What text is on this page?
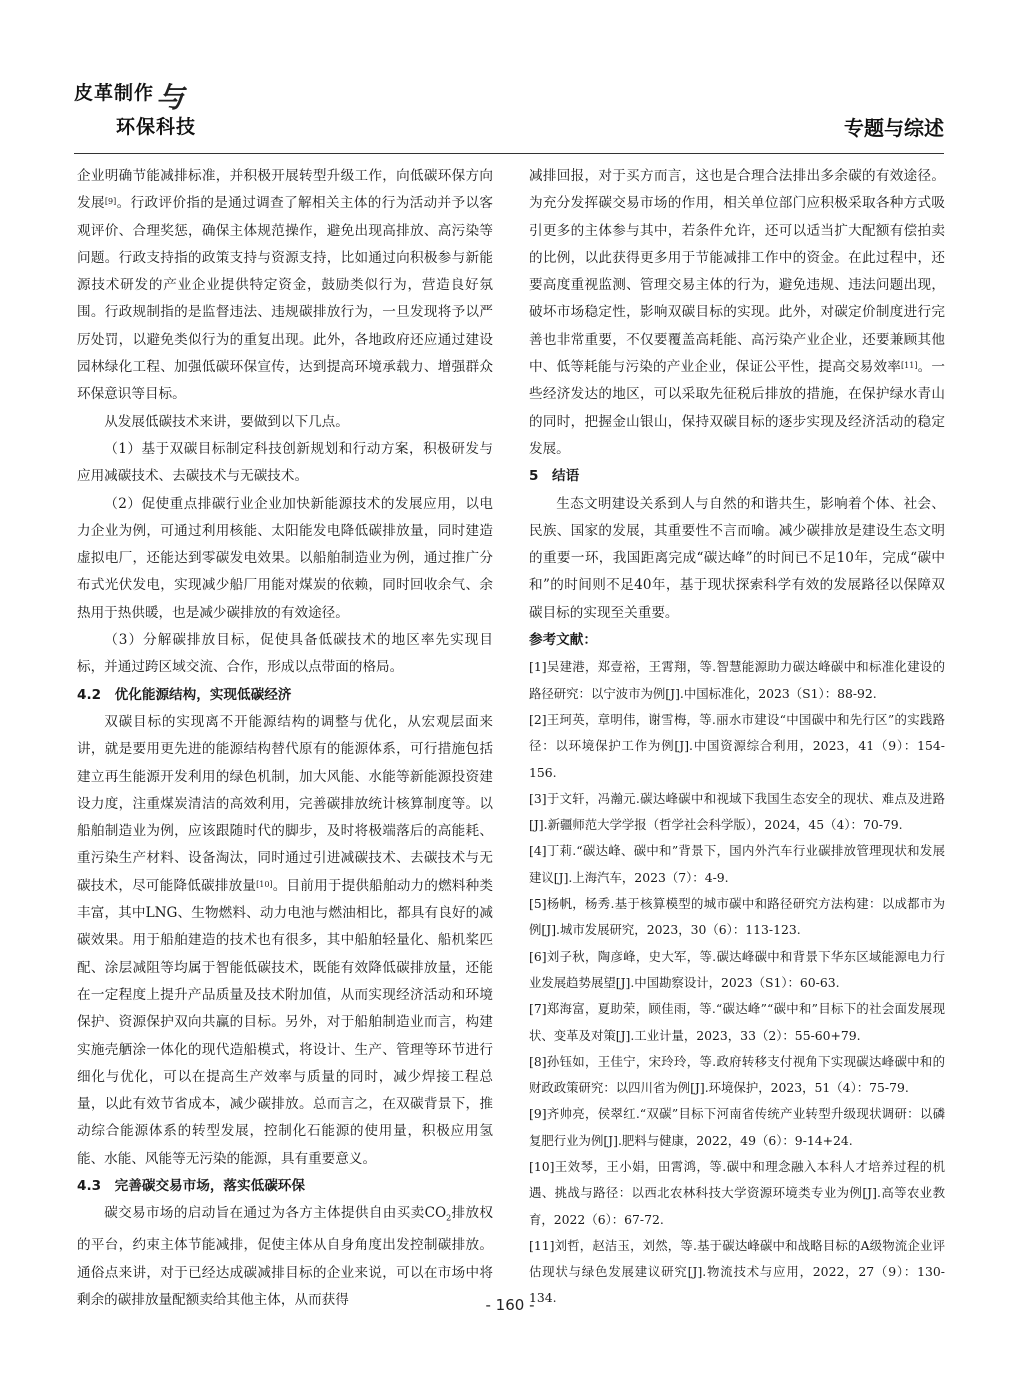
皮革制作 与
环保科技	专题与综述

企业明确节能减排标准，并积极开展转型升级工作，向低碳环保方向发展[9]。行政评价指的是通过调查了解相关主体的行为活动并予以客观评价、合理奖惩，确保主体规范操作，避免出现高排放、高污染等问题。行政支持指的政策支持与资源支持，比如通过向积极参与新能源技术研发的产业企业提供特定资金，鼓励类似行为，营造良好氛围。行政规制指的是监督违法、违规碳排放行为，一旦发现将予以严厉处罚，以避免类似行为的重复出现。此外，各地政府还应通过建设园林绿化工程、加强低碳环保宣传，达到提高环境承载力、增强群众环保意识等目标。

从发展低碳技术来讲，要做到以下几点。

（1）基于双碳目标制定科技创新规划和行动方案，积极研发与应用减碳技术、去碳技术与无碳技术。

（2）促使重点排碳行业企业加快新能源技术的发展应用，以电力企业为例，可通过利用核能、太阳能发电降低碳排放量，同时建造虚拟电厂，还能达到零碳发电效果。以船舶制造业为例，通过推广分布式光伏发电，实现减少船厂用能对煤炭的依赖，同时回收余气、余热用于热供暖，也是减少碳排放的有效途径。

（3）分解碳排放目标，促使具备低碳技术的地区率先实现目标，并通过跨区域交流、合作，形成以点带面的格局。

4.2　优化能源结构，实现低碳经济

双碳目标的实现离不开能源结构的调整与优化，从宏观层面来讲，就是要用更先进的能源结构替代原有的能源体系，可行措施包括建立再生能源开发利用的绿色机制，加大风能、水能等新能源投资建设力度，注重煤炭清洁的高效利用，完善碳排放统计核算制度等。以船舶制造业为例，应该跟随时代的脚步，及时将极端落后的高能耗、重污染生产材料、设备淘汰，同时通过引进减碳技术、去碳技术与无碳技术，尽可能降低碳排放量[10]。目前用于提供船舶动力的燃料种类丰富，其中LNG、生物燃料、动力电池与燃油相比，都具有良好的减碳效果。用于船舶建造的技术也有很多，其中船舶轻量化、船机桨匹配、涂层减阻等均属于智能低碳技术，既能有效降低碳排放量，还能在一定程度上提升产品质量及技术附加值，从而实现经济活动和环境保护、资源保护双向共赢的目标。另外，对于船舶制造业而言，构建实施壳舾涂一体化的现代造船模式，将设计、生产、管理等环节进行细化与优化，可以在提高生产效率与质量的同时，减少焊接工程总量，以此有效节省成本，减少碳排放。总而言之，在双碳背景下，推动综合能源体系的转型发展，控制化石能源的使用量，积极应用氢能、水能、风能等无污染的能源，具有重要意义。

4.3　完善碳交易市场，落实低碳环保

碳交易市场的启动旨在通过为各方主体提供自由买卖$CO_2$排放权的平台，约束主体节能减排，促使主体从自身角度出发控制碳排放。通俗点来讲，对于已经达成碳减排目标的企业来说，可以在市场中将剩余的碳排放量配额卖给其他主体，从而获得

减排回报，对于买方而言，这也是合理合法排出多余碳的有效途径。为充分发挥碳交易市场的作用，相关单位部门应积极采取各种方式吸引更多的主体参与其中，若条件允许，还可以适当扩大配额有偿拍卖的比例，以此获得更多用于节能减排工作中的资金。在此过程中，还要高度重视监测、管理交易主体的行为，避免违规、违法问题出现，破坏市场稳定性，影响双碳目标的实现。此外，对碳定价制度进行完善也非常重要，不仅要覆盖高耗能、高污染产业企业，还要兼顾其他中、低等耗能与污染的产业企业，保证公平性，提高交易效率[11]。一些经济发达的地区，可以采取先征税后排放的措施，在保护绿水青山的同时，把握金山银山，保持双碳目标的逐步实现及经济活动的稳定发展。

5　结语

生态文明建设关系到人与自然的和谐共生，影响着个体、社会、民族、国家的发展，其重要性不言而喻。减少碳排放是建设生态文明的重要一环，我国距离完成“碳达峰”的时间已不足10年，完成“碳中和”的时间则不足40年，基于现状探索科学有效的发展路径以保障双碳目标的实现至关重要。

参考文献：

[1]吴建港，郑壹裕，王霄翔，等.智慧能源助力碳达峰碳中和标准化建设的路径研究：以宁波市为例[J].中国标准化，2023（S1）：88-92.

[2]王珂英，章明伟，谢雪梅，等.丽水市建设“中国碳中和先行区”的实践路径：以环境保护工作为例[J].中国资源综合利用，2023，41（9）：154-156.

[3]于文轩，冯瀚元.碳达峰碳中和视域下我国生态安全的现状、难点及进路[J].新疆师范大学学报（哲学社会科学版），2024，45（4）：70-79.

[4]丁莉.“碳达峰、碳中和”背景下，国内外汽车行业碳排放管理现状和发展建议[J].上海汽车，2023（7）：4-9.

[5]杨帆，杨秀.基于核算模型的城市碳中和路径研究方法构建：以成都市为例[J].城市发展研究，2023，30（6）：113-123.

[6]刘子秋，陶彦峰，史大军，等.碳达峰碳中和背景下华东区域能源电力行业发展趋势展望[J].中国勘察设计，2023（S1）：60-63.

[7]郑海富，夏助荣，顾佳雨，等.“碳达峰”“碳中和”目标下的社会面发展现状、变革及对策[J].工业计量，2023，33（2）：55-60+79.

[8]孙钰如，王佳宁，宋玲玲，等.政府转移支付视角下实现碳达峰碳中和的财政政策研究：以四川省为例[J].环境保护，2023，51（4）：75-79.

[9]齐帅亮，侯翠红.“双碳”目标下河南省传统产业转型升级现状调研：以磷复肥行业为例[J].肥料与健康，2022，49（6）：9-14+24.

[10]王效琴，王小娟，田霄鸿，等.碳中和理念融入本科人才培养过程的机遇、挑战与路径：以西北农林科技大学资源环境类专业为例[J].高等农业教育，2022（6）：67-72.

[11]刘哲，赵洁玉，刘然，等.基于碳达峰碳中和战略目标的A级物流企业评估现状与绿色发展建议研究[J].物流技术与应用，2022，27（9）：130-134.

- 160 -
